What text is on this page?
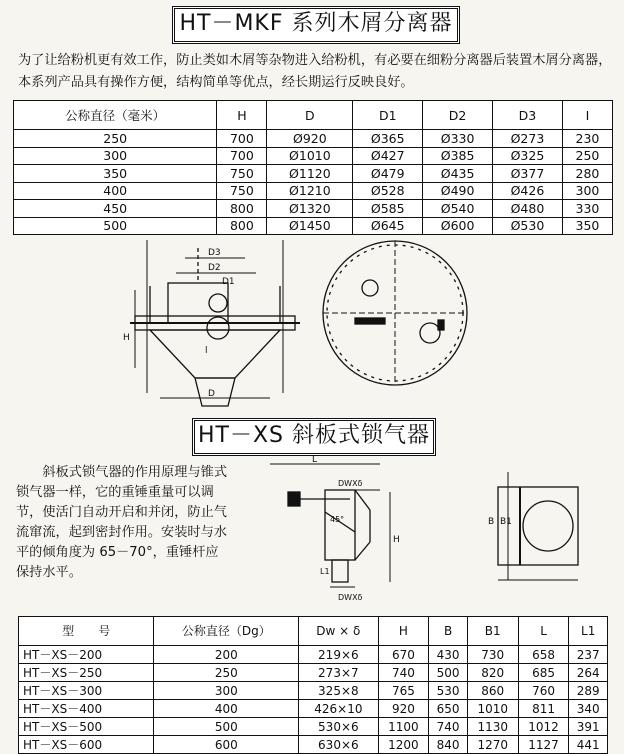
HT－MKF 系列木屑分离器
为了让给粉机更有效工作，防止类如木屑等杂物进入给粉机，有必要在细粉分离器后装置木屑分离器，本系列产品具有操作方便，结构简单等优点，经长期运行反映良好。
公称直径（毫米）	H	D	D1	D2	D3	I
250	700	Ø920	Ø365	Ø330	Ø273	230
300	700	Ø1010	Ø427	Ø385	Ø325	250
350	750	Ø1120	Ø479	Ø435	Ø377	280
400	750	Ø1210	Ø528	Ø490	Ø426	300
450	800	Ø1320	Ø585	Ø540	Ø480	330
500	800	Ø1450	Ø645	Ø600	Ø530	350
D3
D2
D1
D
H
l
HT－XS 斜板式锁气器
斜板式锁气器的作用原理与锥式锁气器一样，它的重锤重量可以调节，使活门自动开启和并闭，防止气流窜流，起到密封作用。安装时与水平的倾角度为 65－70°，重锤杆应保持水平。
L
DWXδ
45°
H
L1
DWXδ
B B1
型　　号	公称直径（Dg）	Dw × δ	H	B	B1	L	L1
HT－XS－200	200	219×6	670	430	730	658	237
HT－XS－250	250	273×7	740	500	820	685	264
HT－XS－300	300	325×8	765	530	860	760	289
HT－XS－400	400	426×10	920	650	1010	811	340
HT－XS－500	500	530×6	1100	740	1130	1012	391
HT－XS－600	600	630×6	1200	840	1270	1127	441
